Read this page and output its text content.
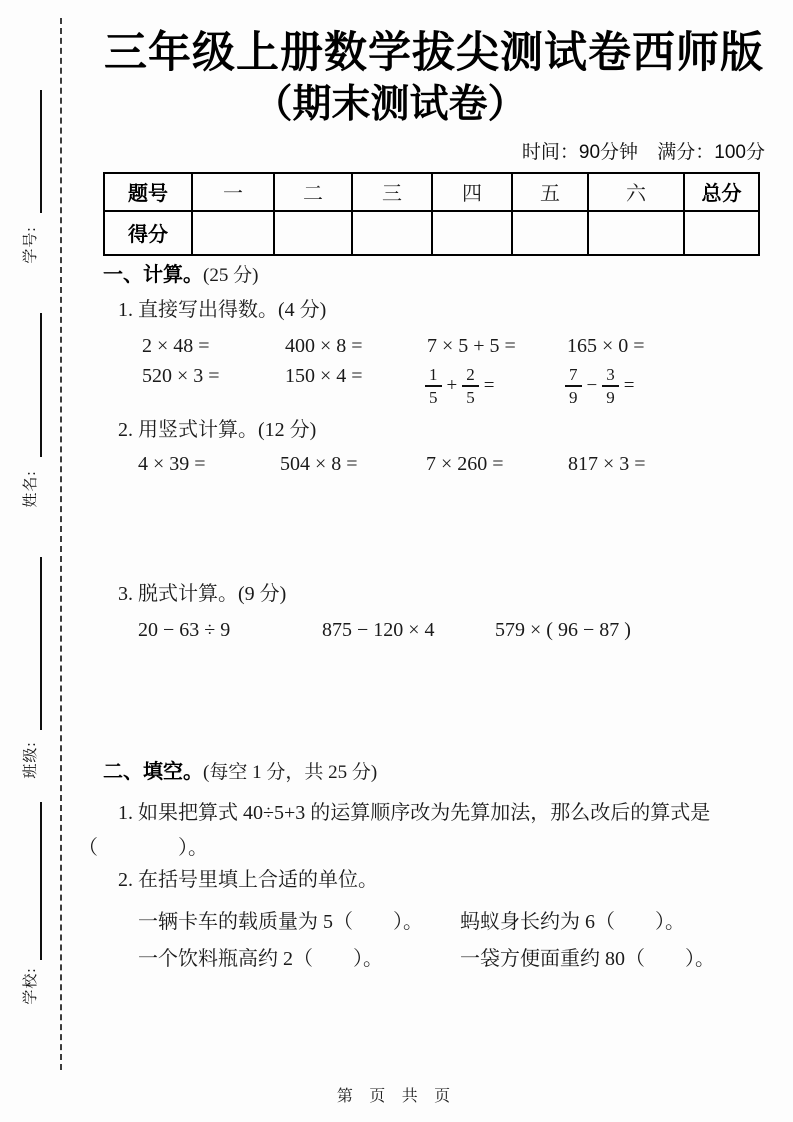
学号:
姓名:
班级:
学校:
三年级上册数学拔尖测试卷西师版
（期末测试卷）
时间：90分钟 满分：100分
题号	一	二	三	四	五	六	总分
得分							
一、计算。(25 分)
1. 直接写出得数。(4 分)
2 × 48 =	400 × 8 =	7 × 5 + 5 =	165 × 0 =
520 × 3 =	150 × 4 =	$\frac{1}{5} + \frac{2}{5}$ =	$\frac{7}{9} - \frac{3}{9}$ =
2. 用竖式计算。(12 分)
4 × 39 =	504 × 8 =	7 × 260 =	817 × 3 =
3. 脱式计算。(9 分)
20 − 63 ÷ 9	875 − 120 × 4	579 × ( 96 − 87 )
二、填空。(每空 1 分，共 25 分)
1. 如果把算式 40÷5+3 的运算顺序改为先算加法，那么改后的算式是
（　　　　）。
2. 在括号里填上合适的单位。
一辆卡车的载质量为 5（　　）。 蚂蚁身长约为 6（　　）。
一个饮料瓶高约 2（　　）。	一袋方便面重约 80（　　）。
第 页 共 页
